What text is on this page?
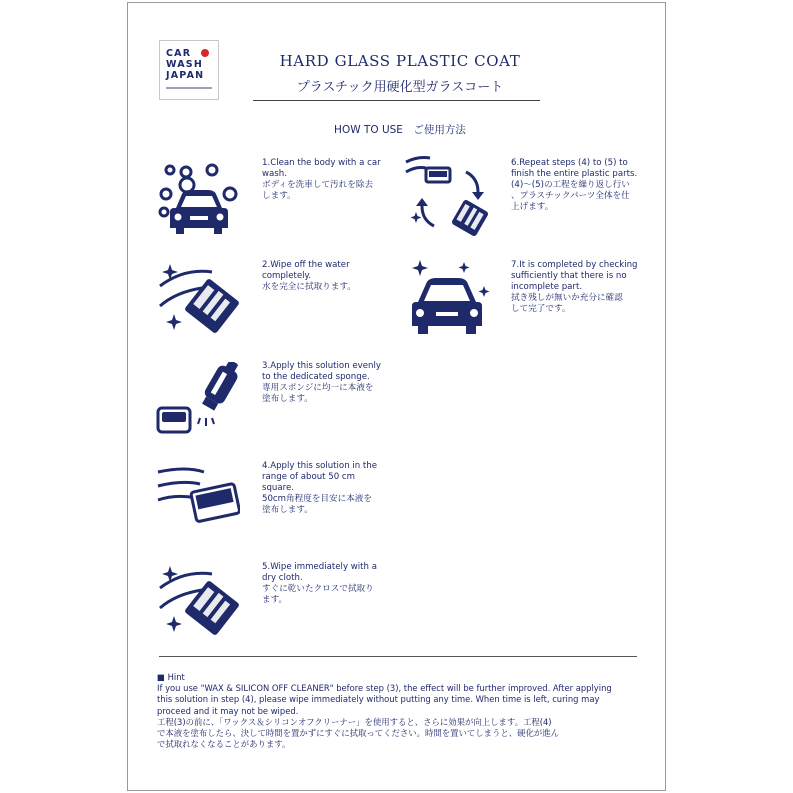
CAR
WASH
JAPAN
HARD GLASS PLASTIC COAT
プラスチック用硬化型ガラスコート
HOW TO USE　ご使用方法
1.Clean the body with a car
wash.
ボディを洗車して汚れを除去
します。
2.Wipe off the water
completely.
水を完全に拭取ります。
3.Apply this solution evenly
to the dedicated sponge.
専用スポンジに均一に本液を
塗布します。
4.Apply this solution in the
range of about 50 cm
square.
50cm角程度を目安に本液を
塗布します。
5.Wipe immediately with a
dry cloth.
すぐに乾いたクロスで拭取り
ます。
6.Repeat steps (4) to (5) to
finish the entire plastic parts.
(4)～(5)の工程を繰り返し行い
、プラスチックパーツ全体を仕
上げます。
7.It is completed by checking
sufficiently that there is no
incomplete part.
拭き残しが無いか充分に確認
して完了です。
■ Hint
If you use "WAX & SILICON OFF CLEANER" before step (3), the effect will be further improved. After applying
this solution in step (4), please wipe immediately without putting any time. When time is left, curing may
proceed and it may not be wiped.
工程(3)の前に、「ワックス＆シリコンオフクリーナー」を使用すると、さらに効果が向上します。工程(4)
で本液を塗布したら、決して時間を置かずにすぐに拭取ってください。時間を置いてしまうと、硬化が進ん
で拭取れなくなることがあります。
